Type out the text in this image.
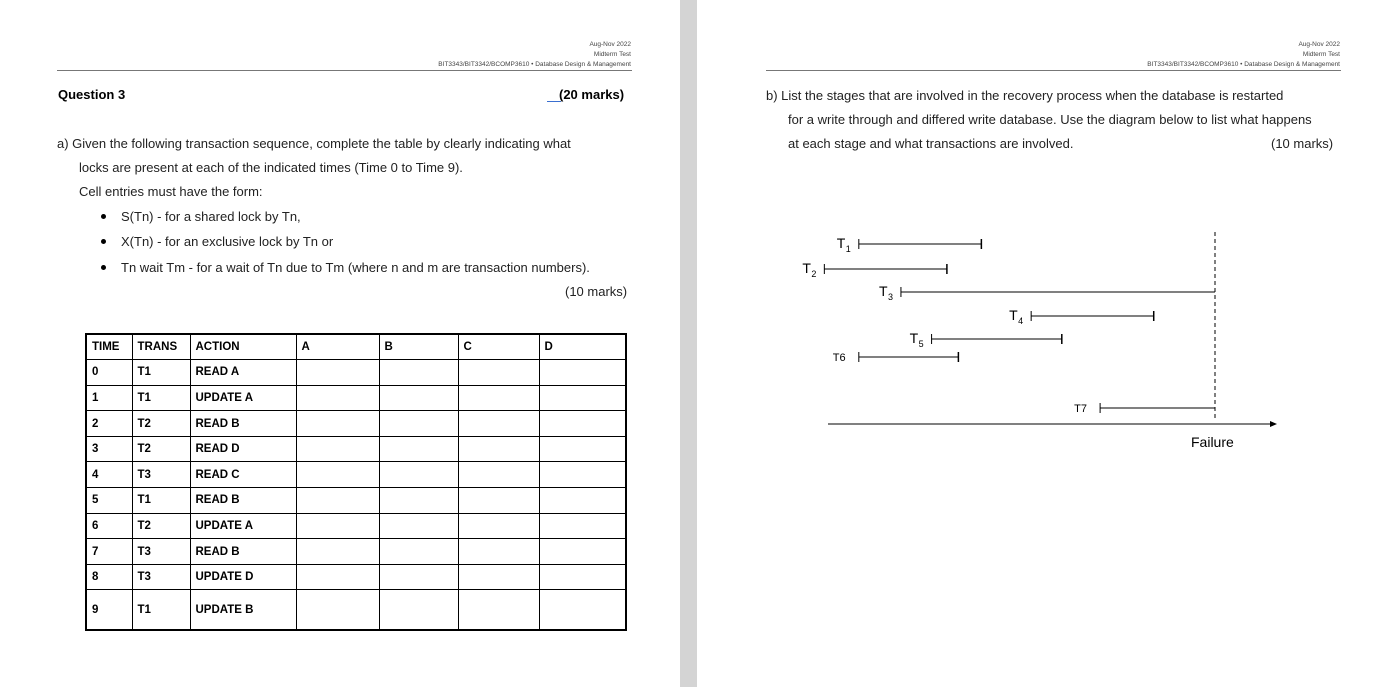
Aug-Nov 2022
Midterm Test
BIT3343/BIT3342/BCOMP3610 • Database Design & Management
Question 3	(20 marks)
a) Given the following transaction sequence, complete the table by clearly indicating what
locks are present at each of the indicated times (Time 0 to Time 9).
Cell entries must have the form:
S(Tn) - for a shared lock by Tn,
X(Tn) - for an exclusive lock by Tn or
Tn wait Tm - for a wait of Tn due to Tm (where n and m are transaction numbers).
(10 marks)
TIME	TRANS	ACTION	A	B	C	D
0	T1	READ A				
1	T1	UPDATE A				
2	T2	READ B				
3	T2	READ D				
4	T3	READ C				
5	T1	READ B				
6	T2	UPDATE A				
7	T3	READ B				
8	T3	UPDATE D				
9	T1	UPDATE B				
Aug-Nov 2022
Midterm Test
BIT3343/BIT3342/BCOMP3610 • Database Design & Management
b) List the stages that are involved in the recovery process when the database is restarted
for a write through and differed write database. Use the diagram below to list what happens
at each stage and what transactions are involved.	(10 marks)
Failure
T 1
T 2
T 3
T 4
T 5
T6
T7
